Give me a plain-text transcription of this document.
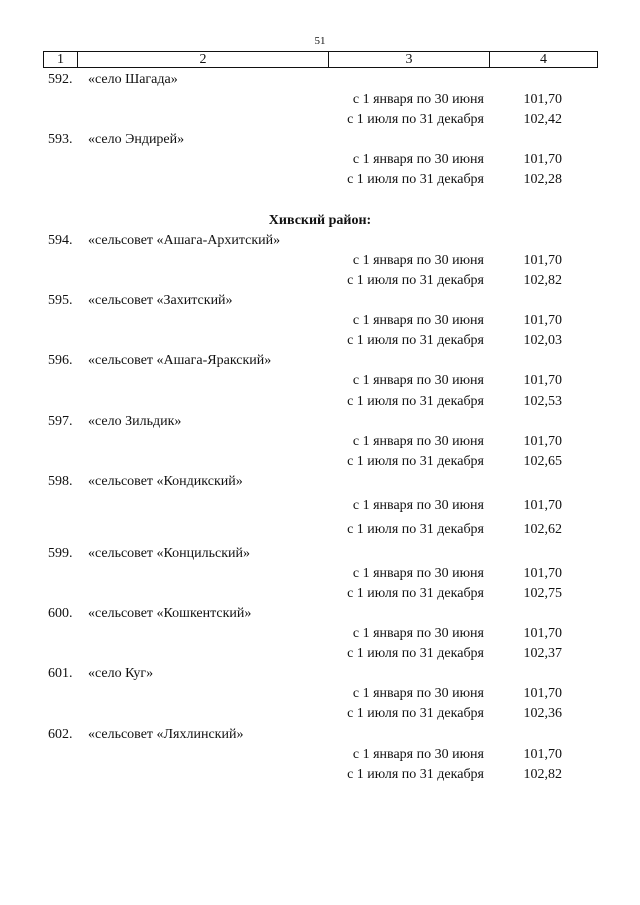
51
1	2	3	4
592. «село Шагада»
с 1 января по 30 июня	101,70
с 1 июля по 31 декабря	102,42
593. «село Эндирей»
с 1 января по 30 июня	101,70
с 1 июля по 31 декабря	102,28
Хивский район:
594. «сельсовет «Ашага-Архитский»
с 1 января по 30 июня	101,70
с 1 июля по 31 декабря	102,82
595. «сельсовет «Захитский»
с 1 января по 30 июня	101,70
с 1 июля по 31 декабря	102,03
596. «сельсовет «Ашага-Яракский»
с 1 января по 30 июня	101,70
с 1 июля по 31 декабря	102,53
597. «село Зильдик»
с 1 января по 30 июня	101,70
с 1 июля по 31 декабря	102,65
598. «сельсовет «Кондикский»
с 1 января по 30 июня	101,70
с 1 июля по 31 декабря	102,62
599. «сельсовет «Концильский»
с 1 января по 30 июня	101,70
с 1 июля по 31 декабря	102,75
600. «сельсовет «Кошкентский»
с 1 января по 30 июня	101,70
с 1 июля по 31 декабря	102,37
601. «село Куг»
с 1 января по 30 июня	101,70
с 1 июля по 31 декабря	102,36
602. «сельсовет «Ляхлинский»
с 1 января по 30 июня	101,70
с 1 июля по 31 декабря	102,82
